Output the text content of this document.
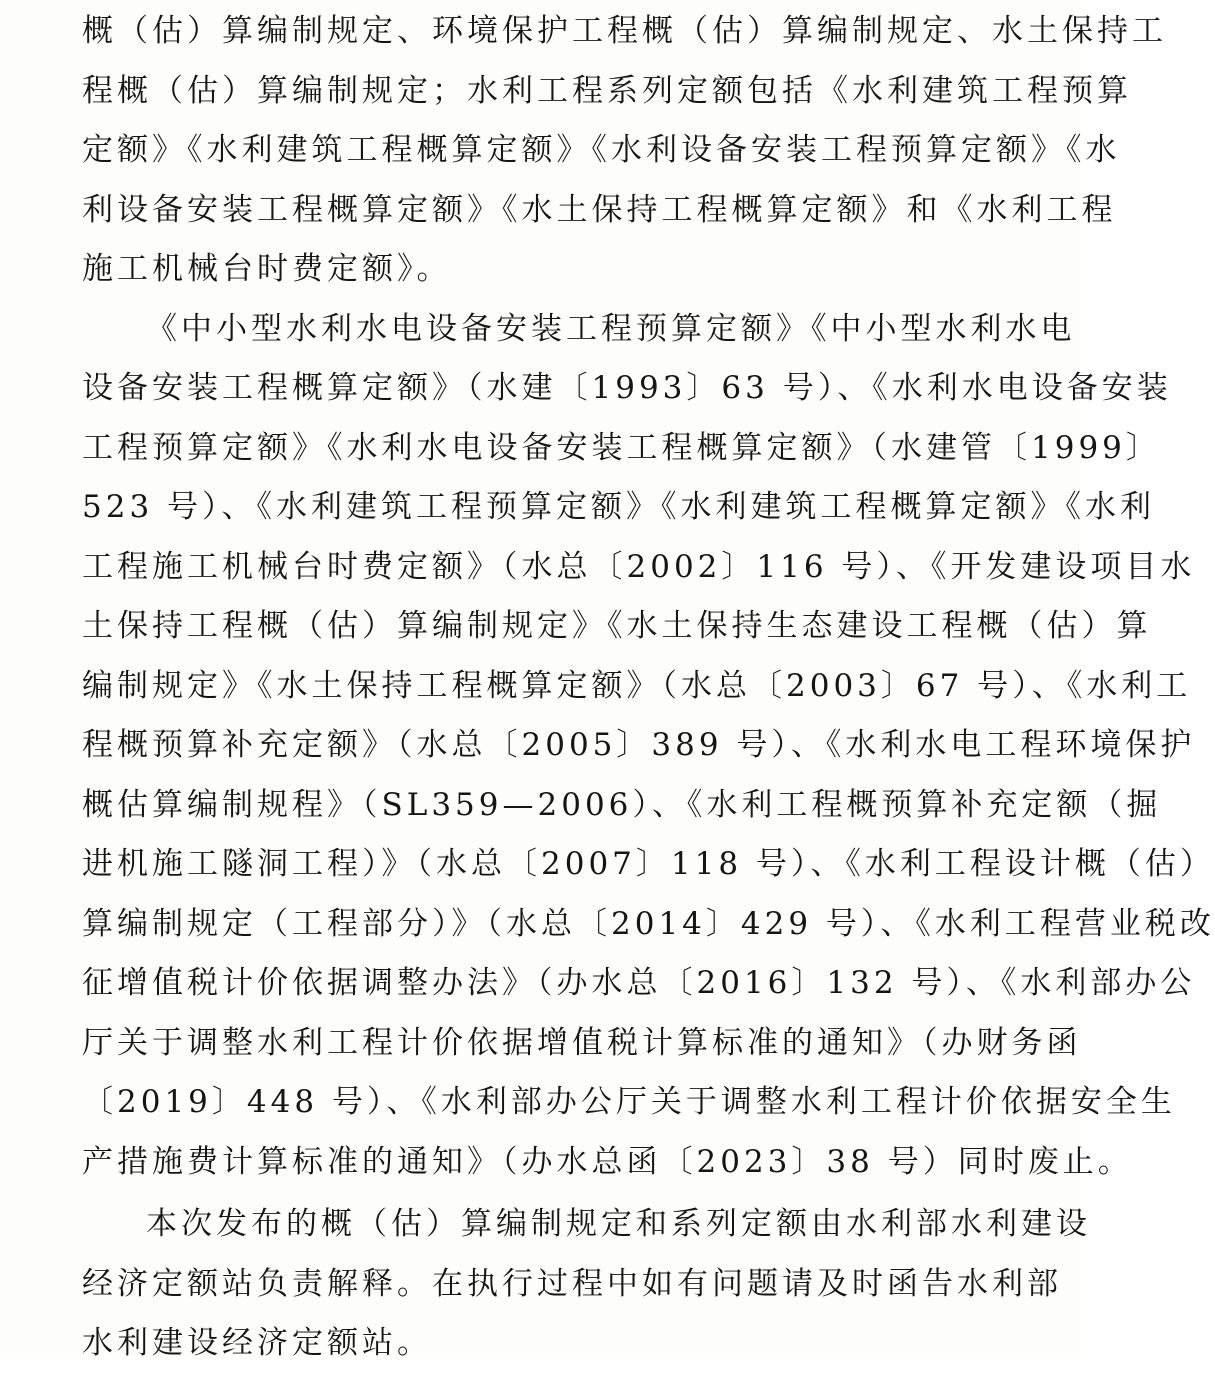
概（估）算编制规定、环境保护工程概（估）算编制规定、水土保持工
程概（估）算编制规定；水利工程系列定额包括《水利建筑工程预算
定额》《水利建筑工程概算定额》《水利设备安装工程预算定额》《水
利设备安装工程概算定额》《水土保持工程概算定额》和《水利工程
施工机械台时费定额》。
《中小型水利水电设备安装工程预算定额》《中小型水利水电
设备安装工程概算定额》（水建〔1993〕63 号）、《水利水电设备安装
工程预算定额》《水利水电设备安装工程概算定额》（水建管〔1999〕
523 号）、《水利建筑工程预算定额》《水利建筑工程概算定额》《水利
工程施工机械台时费定额》（水总〔2002〕116 号）、《开发建设项目水
土保持工程概（估）算编制规定》《水土保持生态建设工程概（估）算
编制规定》《水土保持工程概算定额》（水总〔2003〕67 号）、《水利工
程概预算补充定额》（水总〔2005〕389 号）、《水利水电工程环境保护
概估算编制规程》（SL359—2006）、《水利工程概预算补充定额（掘
进机施工隧洞工程）》（水总〔2007〕118 号）、《水利工程设计概（估）
算编制规定（工程部分）》（水总〔2014〕429 号）、《水利工程营业税改
征增值税计价依据调整办法》（办水总〔2016〕132 号）、《水利部办公
厅关于调整水利工程计价依据增值税计算标准的通知》（办财务函
〔2019〕448 号）、《水利部办公厅关于调整水利工程计价依据安全生
产措施费计算标准的通知》（办水总函〔2023〕38 号）同时废止。
本次发布的概（估）算编制规定和系列定额由水利部水利建设
经济定额站负责解释。在执行过程中如有问题请及时函告水利部
水利建设经济定额站。
